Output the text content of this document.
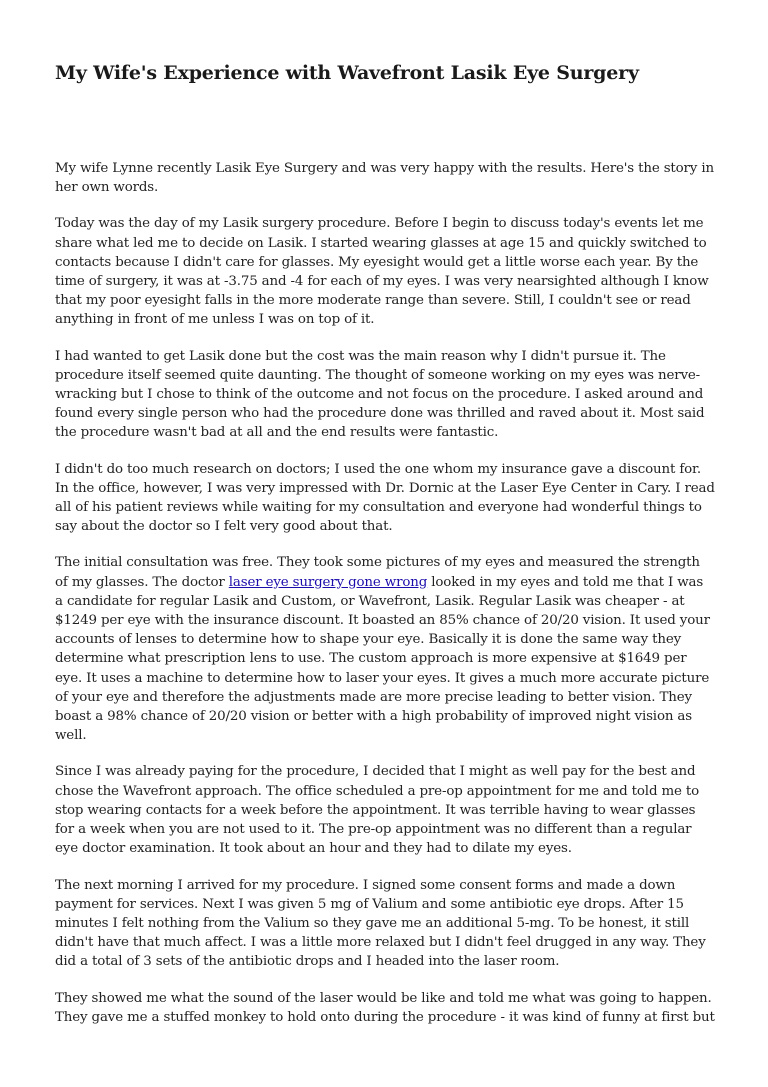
My Wife's Experience with Wavefront Lasik Eye Surgery

My wife Lynne recently Lasik Eye Surgery and was very happy with the results. Here's the story in her own words.

Today was the day of my Lasik surgery procedure. Before I begin to discuss today's events let me share what led me to decide on Lasik. I started wearing glasses at age 15 and quickly switched to contacts because I didn't care for glasses. My eyesight would get a little worse each year. By the time of surgery, it was at -3.75 and -4 for each of my eyes. I was very nearsighted although I know that my poor eyesight falls in the more moderate range than severe. Still, I couldn't see or read anything in front of me unless I was on top of it.

I had wanted to get Lasik done but the cost was the main reason why I didn't pursue it. The procedure itself seemed quite daunting. The thought of someone working on my eyes was nerve-wracking but I chose to think of the outcome and not focus on the procedure. I asked around and found every single person who had the procedure done was thrilled and raved about it. Most said the procedure wasn't bad at all and the end results were fantastic.

I didn't do too much research on doctors; I used the one whom my insurance gave a discount for. In the office, however, I was very impressed with Dr. Dornic at the Laser Eye Center in Cary. I read all of his patient reviews while waiting for my consultation and everyone had wonderful things to say about the doctor so I felt very good about that.

The initial consultation was free. They took some pictures of my eyes and measured the strength of my glasses. The doctor laser eye surgery gone wrong looked in my eyes and told me that I was a candidate for regular Lasik and Custom, or Wavefront, Lasik. Regular Lasik was cheaper - at $1249 per eye with the insurance discount. It boasted an 85% chance of 20/20 vision. It used your accounts of lenses to determine how to shape your eye. Basically it is done the same way they determine what prescription lens to use. The custom approach is more expensive at $1649 per eye. It uses a machine to determine how to laser your eyes. It gives a much more accurate picture of your eye and therefore the adjustments made are more precise leading to better vision. They boast a 98% chance of 20/20 vision or better with a high probability of improved night vision as well.

Since I was already paying for the procedure, I decided that I might as well pay for the best and chose the Wavefront approach. The office scheduled a pre-op appointment for me and told me to stop wearing contacts for a week before the appointment. It was terrible having to wear glasses for a week when you are not used to it. The pre-op appointment was no different than a regular eye doctor examination. It took about an hour and they had to dilate my eyes.

The next morning I arrived for my procedure. I signed some consent forms and made a down payment for services. Next I was given 5 mg of Valium and some antibiotic eye drops. After 15 minutes I felt nothing from the Valium so they gave me an additional 5-mg. To be honest, it still didn't have that much affect. I was a little more relaxed but I didn't feel drugged in any way. They did a total of 3 sets of the antibiotic drops and I headed into the laser room.

They showed me what the sound of the laser would be like and told me what was going to happen. They gave me a stuffed monkey to hold onto during the procedure - it was kind of funny at first but
